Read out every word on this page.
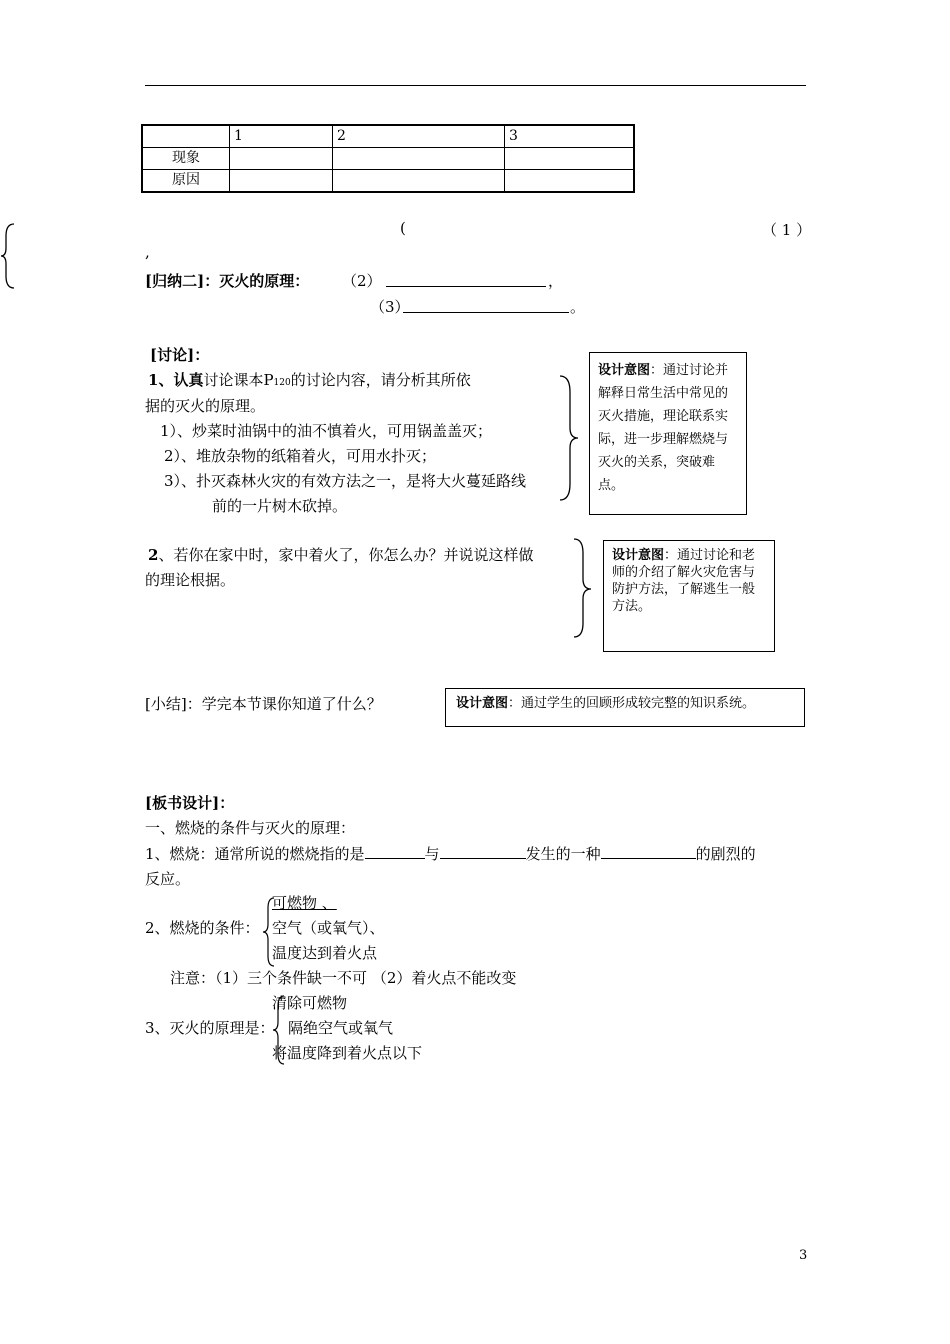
	1	2	3
现象			
原因			
(	（ 1 ）
,
[归纳二]：灭火的原理： （2）	，
（3）	。
[讨论]：
1、认真讨论课本P120的讨论内容，请分析其所依
据的灭火的原理。
1）、炒菜时油锅中的油不慎着火，可用锅盖盖灭；
2）、堆放杂物的纸箱着火，可用水扑灭；
3）、扑灭森林火灾的有效方法之一，是将大火蔓延路线
前的一片树木砍掉。
设计意图：通过讨论并解释日常生活中常见的灭火措施，理论联系实际，进一步理解燃烧与灭火的关系，突破难点。
2、若你在家中时，家中着火了，你怎么办？并说说这样做
的理论根据。
设计意图：通过讨论和老师的介绍了解火灾危害与防护方法，了解逃生一般方法。
[小结]：学完本节课你知道了什么？	设计意图：通过学生的回顾形成较完整的知识系统。
[板书设计]：
一、燃烧的条件与灭火的原理：
1、燃烧：通常所说的燃烧指的是	与	发生的一种	的剧烈的
反应。
可燃物 、
2、燃烧的条件： 空气（或氧气）、
温度达到着火点
注意：（1）三个条件缺一不可 （2）着火点不能改变
清除可燃物
3、灭火的原理是： 隔绝空气或氧气
将温度降到着火点以下
3
